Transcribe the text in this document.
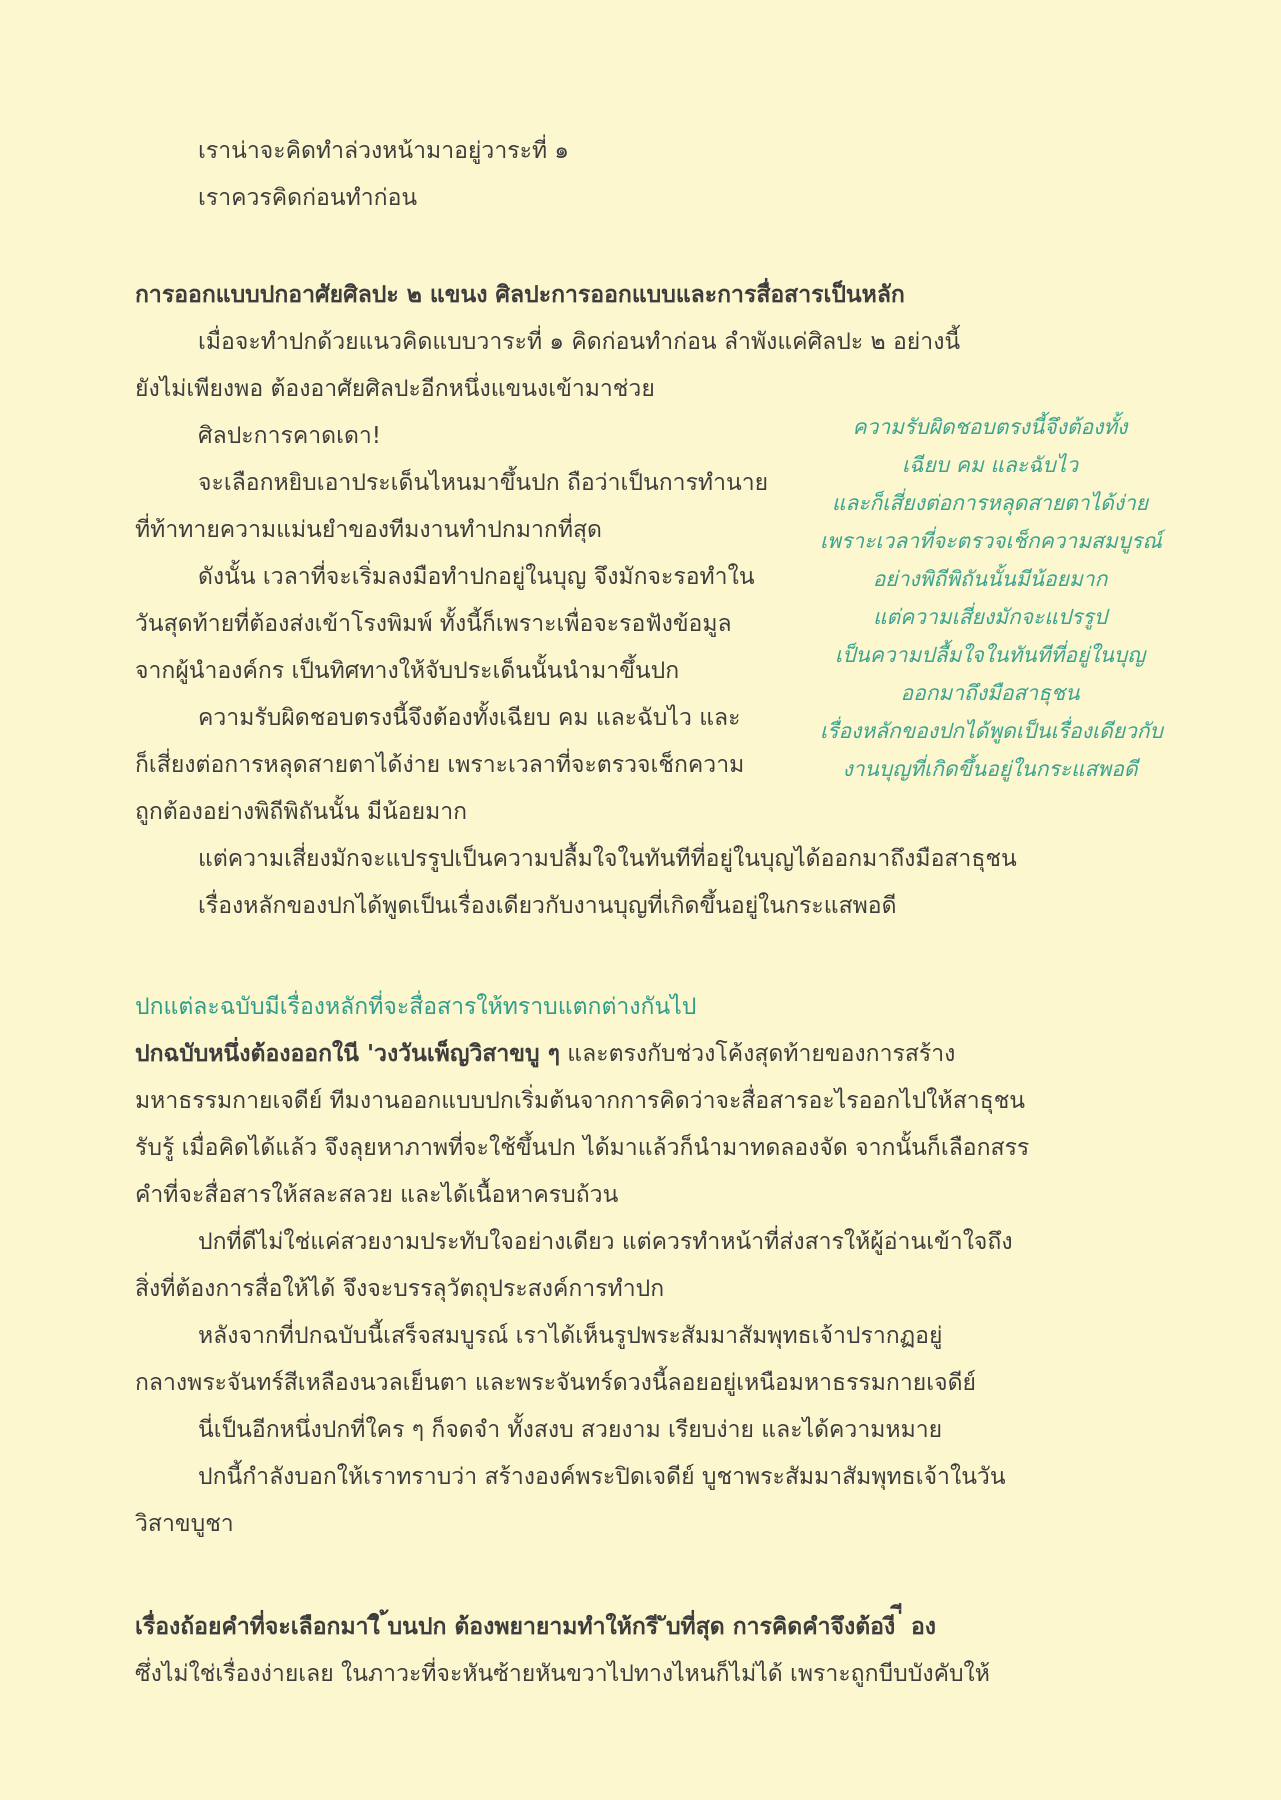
เราน่าจะคิดทำล่วงหน้ามาอยู่วาระที่ ๑

เราควรคิดก่อนทำก่อน

การออกแบบปกอาศัยศิลปะ ๒ แขนง ศิลปะการออกแบบและการสื่อสารเป็นหลัก

เมื่อจะทำปกด้วยแนวคิดแบบวาระที่ ๑ คิดก่อนทำก่อน ลำพังแค่ศิลปะ ๒ อย่างนี้

ยังไม่เพียงพอ ต้องอาศัยศิลปะอีกหนึ่งแขนงเข้ามาช่วย

ศิลปะการคาดเดา!

จะเลือกหยิบเอาประเด็นไหนมาขึ้นปก ถือว่าเป็นการทำนาย

ที่ท้าทายความแม่นยำของทีมงานทำปกมากที่สุด

ดังนั้น เวลาที่จะเริ่มลงมือทำปกอยู่ในบุญ จึงมักจะรอทำใน

วันสุดท้ายที่ต้องส่งเข้าโรงพิมพ์ ทั้งนี้ก็เพราะเพื่อจะรอฟังข้อมูล

จากผู้นำองค์กร เป็นทิศทางให้จับประเด็นนั้นนำมาขึ้นปก

ความรับผิดชอบตรงนี้จึงต้องทั้งเฉียบ คม และฉับไว และ

ก็เสี่ยงต่อการหลุดสายตาได้ง่าย เพราะเวลาที่จะตรวจเช็กความ

ถูกต้องอย่างพิถีพิถันนั้น มีน้อยมาก

แต่ความเสี่ยงมักจะแปรรูปเป็นความปลื้มใจในทันทีที่อยู่ในบุญได้ออกมาถึงมือสาธุชน

เรื่องหลักของปกได้พูดเป็นเรื่องเดียวกับงานบุญที่เกิดขึ้นอยู่ในกระแสพอดี

ปกแต่ละฉบับมีเรื่องหลักที่จะสื่อสารให้ทราบแตกต่างกันไป

ปกฉบับหนึ่งต้องออกในี 'วงวันเพ็ญวิสาขบู ๆ และตรงกับช่วงโค้งสุดท้ายของการสร้าง

มหาธรรมกายเจดีย์ ทีมงานออกแบบปกเริ่มต้นจากการคิดว่าจะสื่อสารอะไรออกไปให้สาธุชน

รับรู้ เมื่อคิดได้แล้ว จึงลุยหาภาพที่จะใช้ขึ้นปก ได้มาแล้วก็นำมาทดลองจัด จากนั้นก็เลือกสรร

คำที่จะสื่อสารให้สละสลวย และได้เนื้อหาครบถ้วน

ปกที่ดีไม่ใช่แค่สวยงามประทับใจอย่างเดียว แต่ควรทำหน้าที่ส่งสารให้ผู้อ่านเข้าใจถึง

สิ่งที่ต้องการสื่อให้ได้ จึงจะบรรลุวัตถุประสงค์การทำปก

หลังจากที่ปกฉบับนี้เสร็จสมบูรณ์ เราได้เห็นรูปพระสัมมาสัมพุทธเจ้าปรากฏอยู่

กลางพระจันทร์สีเหลืองนวลเย็นตา และพระจันทร์ดวงนี้ลอยอยู่เหนือมหาธรรมกายเจดีย์

นี่เป็นอีกหนึ่งปกที่ใคร ๆ ก็จดจำ ทั้งสงบ สวยงาม เรียบง่าย และได้ความหมาย

ปกนี้กำลังบอกให้เราทราบว่า สร้างองค์พระปิดเจดีย์ บูชาพระสัมมาสัมพุทธเจ้าในวัน

วิสาขบูชา

เรื่องถ้อยคำที่จะเลือกมาใี ้บนปก ต้องพยายามทำให้กรี ับที่สุด การคิดคำจึงต้องี ่ี อง

ซึ่งไม่ใช่เรื่องง่ายเลย ในภาวะที่จะหันซ้ายหันขวาไปทางไหนก็ไม่ได้ เพราะถูกบีบบังคับให้

ความรับผิดชอบตรงนี้จึงต้องทั้ง
เฉียบ คม และฉับไว
และก็เสี่ยงต่อการหลุดสายตาได้ง่าย
เพราะเวลาที่จะตรวจเช็กความสมบูรณ์
อย่างพิถีพิถันนั้นมีน้อยมาก
แต่ความเสี่ยงมักจะแปรรูป
เป็นความปลื้มใจในทันทีที่อยู่ในบุญ
ออกมาถึงมือสาธุชน
เรื่องหลักของปกได้พูดเป็นเรื่องเดียวกับ
งานบุญที่เกิดขึ้นอยู่ในกระแสพอดี
